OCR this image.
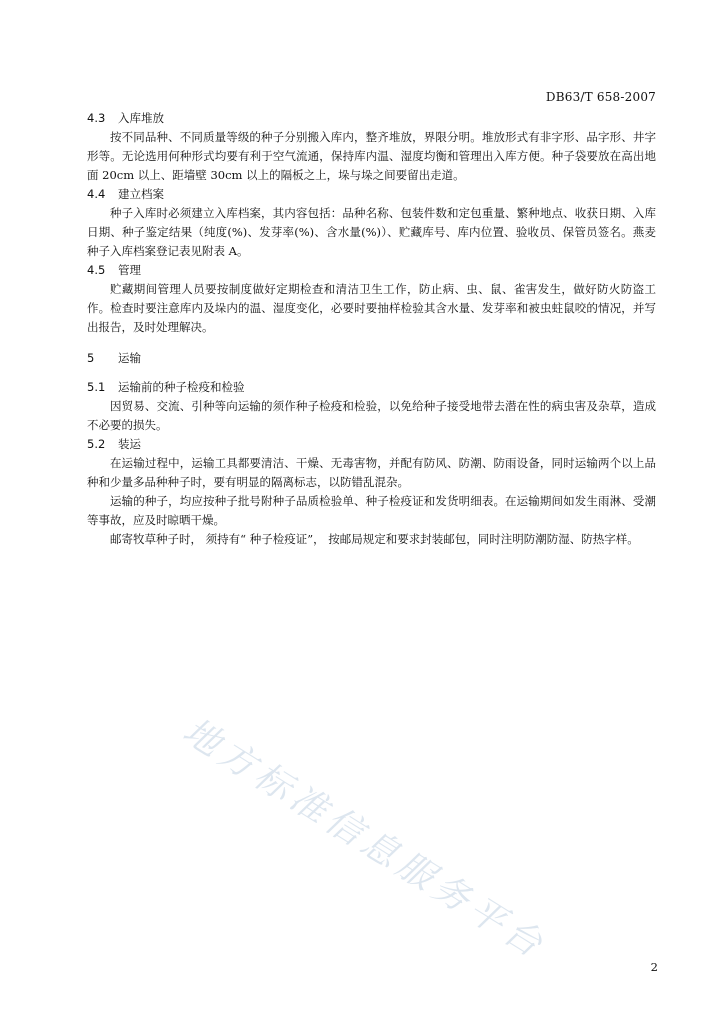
DB63/T 658-2007
4.3 入库堆放

按不同品种、不同质量等级的种子分别搬入库内，整齐堆放，界限分明。堆放形式有非字形、品字形、井字形等。无论选用何种形式均要有利于空气流通，保持库内温、湿度均衡和管理出入库方便。种子袋要放在高出地面 20cm 以上、距墙壁 30cm 以上的隔板之上，垛与垛之间要留出走道。

4.4 建立档案

种子入库时必须建立入库档案，其内容包括：品种名称、包装件数和定包重量、繁种地点、收获日期、入库日期、种子鉴定结果（纯度(%)、发芽率(%)、含水量(%)）、贮藏库号、库内位置、验收员、保管员签名。燕麦种子入库档案登记表见附表 A。

4.5 管理

贮藏期间管理人员要按制度做好定期检查和清洁卫生工作，防止病、虫、鼠、雀害发生，做好防火防盗工作。检查时要注意库内及垛内的温、湿度变化，必要时要抽样检验其含水量、发芽率和被虫蛀鼠咬的情况，并写出报告，及时处理解决。

5 运输
5.1 运输前的种子检疫和检验

因贸易、交流、引种等向运输的须作种子检疫和检验，以免给种子接受地带去潜在性的病虫害及杂草，造成不必要的损失。

5.2 装运

在运输过程中，运输工具都要清洁、干燥、无毒害物，并配有防风、防潮、防雨设备，同时运输两个以上品种和少量多品种种子时，要有明显的隔离标志，以防错乱混杂。

运输的种子，均应按种子批号附种子品质检验单、种子检疫证和发货明细表。在运输期间如发生雨淋、受潮等事故，应及时晾晒干燥。

邮寄牧草种子时， 须持有“ 种子检疫证”， 按邮局规定和要求封装邮包，同时注明防潮防湿、防热字样。

地方标准信息服务平台	2
